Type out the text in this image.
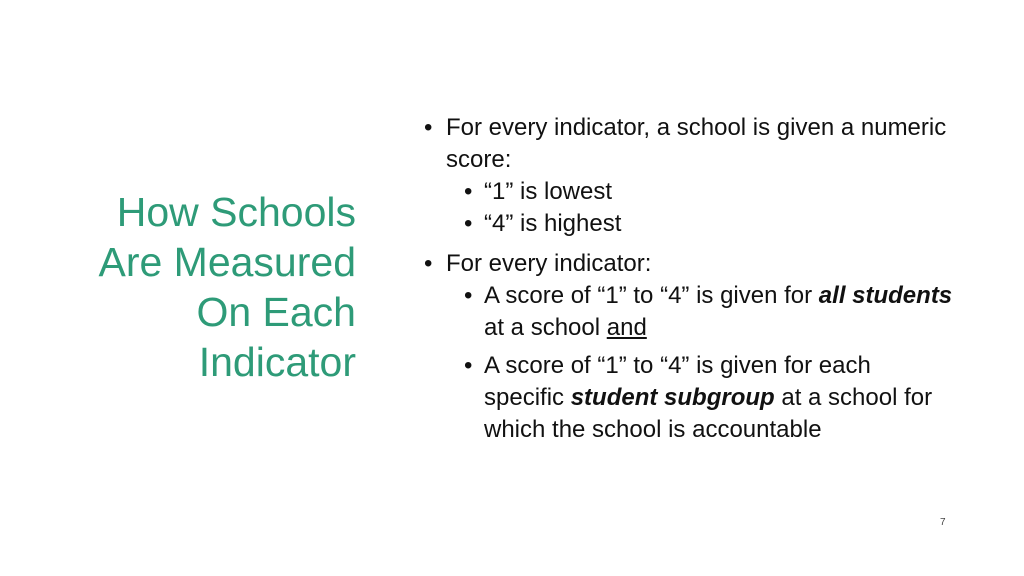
How Schools
Are Measured
On Each
Indicator

• For every indicator, a school is given a numeric score:

• “1” is lowest

• “4” is highest

• For every indicator:

• A score of “1” to “4” is given for all students at a school and

• A score of “1” to “4” is given for each specific student subgroup at a school for which the school is accountable

7
